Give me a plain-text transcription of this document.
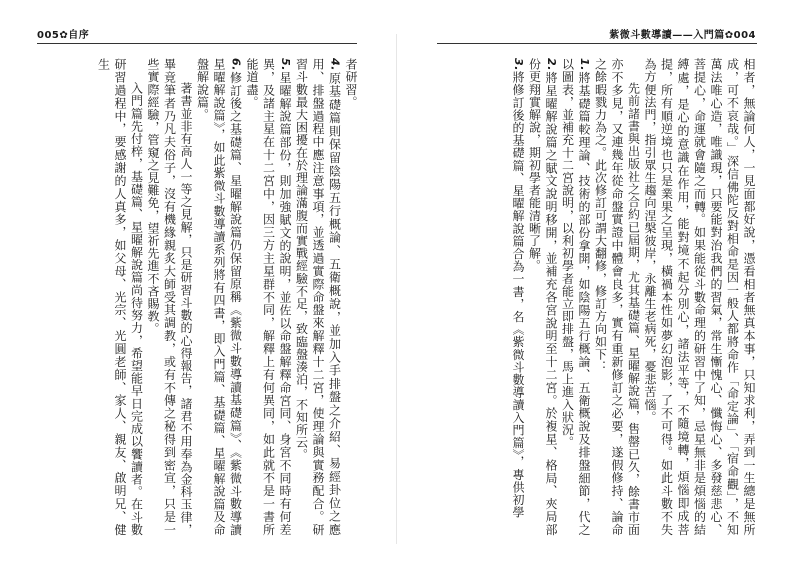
005✿自序

者研習。

4.原基礎篇則保留陰陽五行概論、五衛概說，並加入手排盤之介紹、易經卦位之應用、排盤過程中應注意事項，並透過實際命盤來解釋十二宮，使理論與實務配合。研習斗數最大困擾在於理論滿腹而實戰經驗不足，致臨盤湊泊，不知所云。

5.星曜解說篇部份，則加強賦文的說明，並佐以命盤解釋命宮同、身宮不同時有何差異，及諸主星在十二宮中，因三方主星群不同，解釋上有何異同，如此就不是一書所能道盡。

6.修訂後之基礎篇、星曜解說篇仍保留原稱《紫微斗數導讀基礎篇》、《紫微斗數導讀星曜解說篇》，如此紫微斗數導讀系列將有四書，即入門篇、基礎篇、星曜解說篇及命盤解說篇。

著書並非有高人一等之見解，只是研習斗數的心得報告，諸君不用奉為金科玉律，畢竟筆者乃凡夫俗子，沒有機緣親炙大師受其調教，或有不傳之秘得到密宣，只是一些實際經驗，管窺之見難免，望祈先進不吝賜教。

入門篇先付梓，基礎篇、星曜解說篇尚待努力，希望能早日完成以饗讀者。在斗數研習過程中，要感謝的人真多，如父母、光宗、光圓老師、家人、親友、啟明兄、健生

紫微斗數導讀——入門篇✿004

相者，無論何人，一見面都好說，憑看相者無真本事，只知求利，弄到一生總是無所成，可不哀哉。」深信佛陀反對相命是因一般人都將命作「命定論」、「宿命觀」，不知萬法唯心造，唯識現，只要能對治我們的習氣，常生慚愧心、懺悔心、多發慈悲心、菩提心，命運就會隨之而轉。如果能從斗數命理的研習中了知，忌星無非是煩惱的結縛處，是心的意識在作用，能對境不起分別心，諸法平等，不隨境轉，煩惱即成菩提，所有順逆境也只是業果之呈現，橫禍本性如夢幻泡影，了不可得。如此斗數不失為方便法門，指引眾生趨向涅槃彼岸，永離生老病死，憂悲苦惱。

先前諸書與出版社之合約已屆期，尤其基礎篇、星曜解說篇，售罄已久，餘書市面亦不多見，又連幾年從命盤實證中體會良多，實有重新修訂之必要，遂假修持、論命之餘暇戮力為之。此次修訂可謂大翻修，修訂方向如下：

1.將基礎篇較理論、技術的部份拿開，如陰陽五行概論、五衛概說及排盤細節，代之以圖表，並補充十二宮說明，以利初學者能立即排盤，馬上進入狀況。

2.將星曜解說篇之賦文說明移開，並補充各宮說明至十二宮。於複星、格局、夾局部份更翔實解說，期初學者能清晰了解。

3.將修訂後的基礎篇、星曜解說篇合為一書，名《紫微斗數導讀入門篇》，專供初學
